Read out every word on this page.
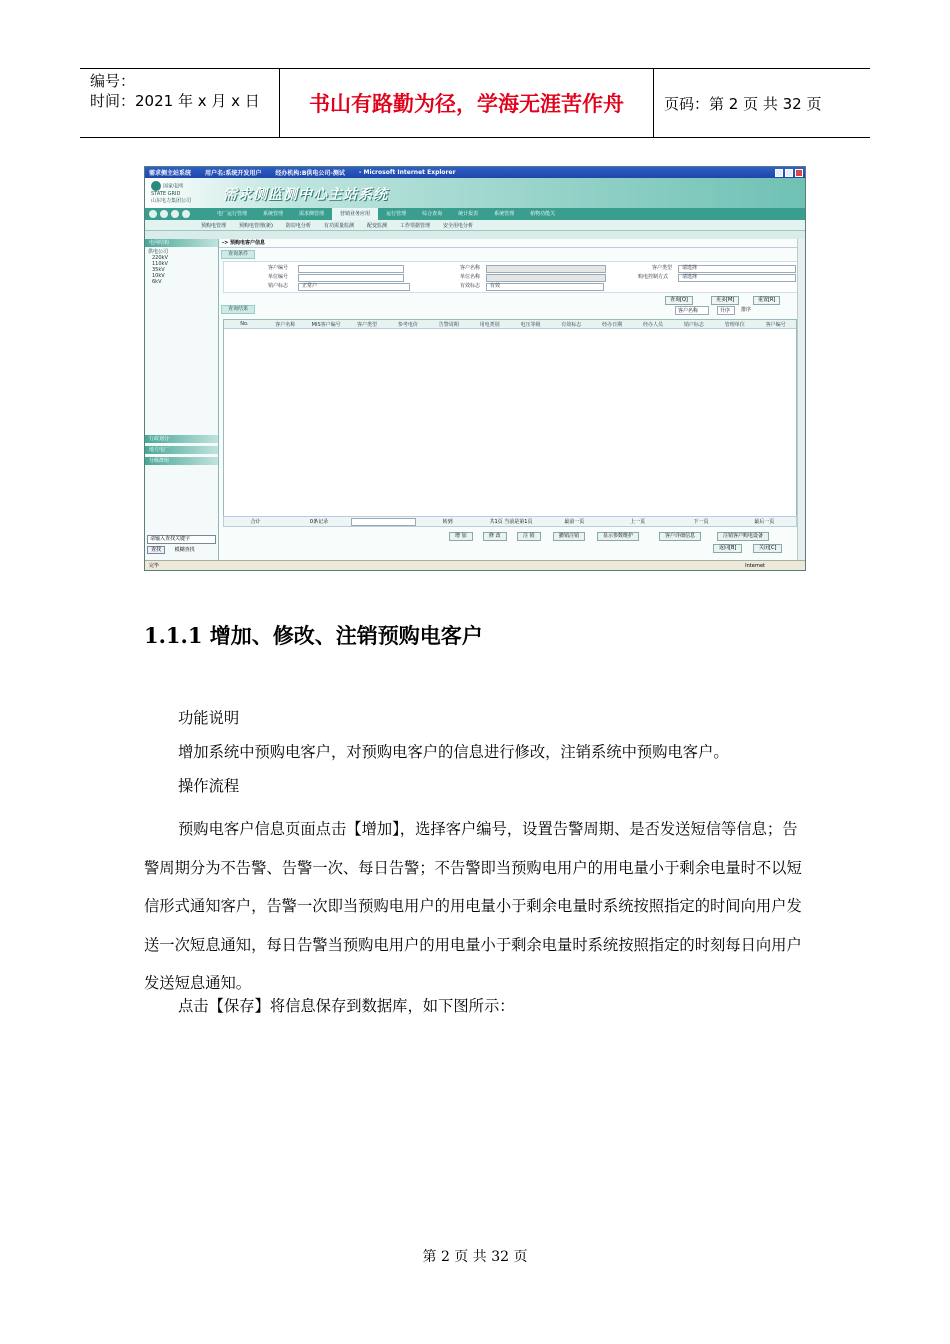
编号：
时间：2021 年 x 月 x 日	书山有路勤为径，学海无涯苦作舟	页码：第 2 页 共 32 页
需求侧主站系统 用户名:系统开发用户 经办机构:B供电公司-测试 - Microsoft Internet Explorer
国家电网
STATE GRID
山东电力集团公司	需求侧监测中心主站系统
电厂运行管理	系统管理	需求侧管理	营销业务应用	运行管理	综合查询	统计报表	系统管理	植物功能关
预购电管理	预购电管理(新)	防窃电分析	有功需量监测	配变监测	工作票据管理	安全用电分析
电网结构
供电公司
220kV
110kV
35kV
10kV
6kV
行政划分
地方电厂
分级群组
请输入查找关键字
查找	模糊查找
-> 预购电客户信息
查询条件
客户编号	客户名称	客户类型 请选择
单位编号	单位名称	购电控制方式	请选择
销户标志	正常户	有效标志 有效
查询[Q]	更多[M]	重置[R]
查询结果	客户名称	升序	排序
No.	客户名称	MIS客户编号	客户类型	参考电价	告警周期	用电类别	电压等级	有效标志	经办日期	经办人员	销户标志	管理单位	客户编号
合计	0条记录	转到	共1页 当前是第1页	最前一页	上一页	下一页	最后一页
增 加	修 改	注 销	撤销注销	显示参数维护	客户详细信息	注销客户购电设备
返回[B]	关闭[C]
完毕	Internet
1.1.1 增加、修改、注销预购电客户
功能说明
增加系统中预购电客户，对预购电客户的信息进行修改，注销系统中预购电客户。
操作流程
预购电客户信息页面点击【增加】，选择客户编号，设置告警周期、是否发送短信等信息；告警周期分为不告警、告警一次、每日告警；不告警即当预购电用户的用电量小于剩余电量时不以短信形式通知客户，告警一次即当预购电用户的用电量小于剩余电量时系统按照指定的时间向用户发送一次短息通知，每日告警当预购电用户的用电量小于剩余电量时系统按照指定的时刻每日向用户发送短息通知。
点击【保存】将信息保存到数据库，如下图所示：
第 2 页 共 32 页
